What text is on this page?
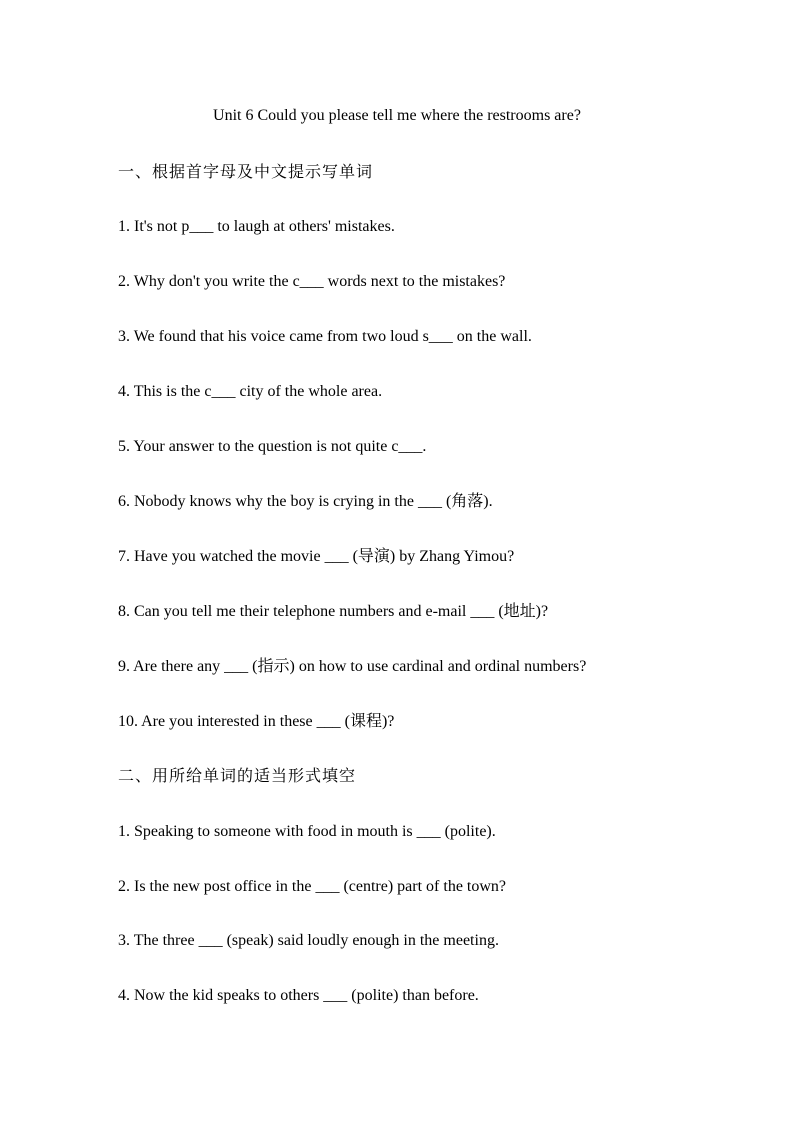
Unit 6 Could you please tell me where the restrooms are?
一、根据首字母及中文提示写单词
1. It's not p___ to laugh at others' mistakes.
2. Why don't you write the c___ words next to the mistakes?
3. We found that his voice came from two loud s___ on the wall.
4. This is the c___ city of the whole area.
5. Your answer to the question is not quite c___.
6. Nobody knows why the boy is crying in the ___ (角落).
7. Have you watched the movie ___ (导演) by Zhang Yimou?
8. Can you tell me their telephone numbers and e-mail ___ (地址)?
9. Are there any ___ (指示) on how to use cardinal and ordinal numbers?
10. Are you interested in these ___ (课程)?
二、用所给单词的适当形式填空
1. Speaking to someone with food in mouth is ___ (polite).
2. Is the new post office in the ___ (centre) part of the town?
3. The three ___ (speak) said loudly enough in the meeting.
4. Now the kid speaks to others ___ (polite) than before.
